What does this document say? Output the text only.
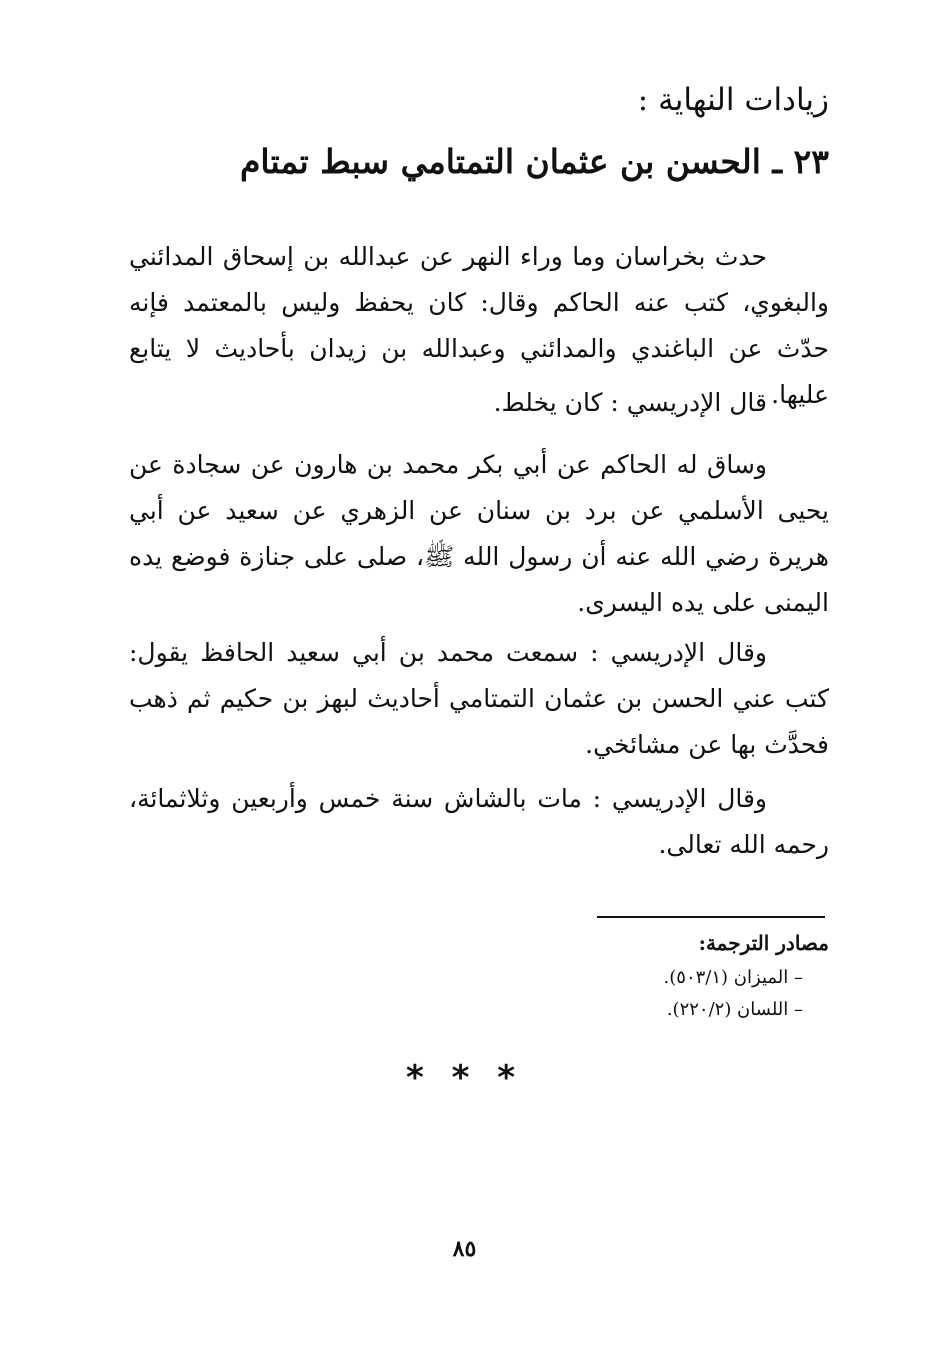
زيادات النهاية :
٢٣ ـ الحسن بن عثمان التمتامي سبط تمتام

حدث بخراسان وما وراء النهر عن عبدالله بن إسحاق المدائني والبغوي، كتب عنه الحاكم وقال: كان يحفظ وليس بالمعتمد فإنه حدّث عن الباغندي والمدائني وعبدالله بن زيدان بأحاديث لا يتابع عليها.

قال الإدريسي : كان يخلط.

وساق له الحاكم عن أبي بكر محمد بن هارون عن سجادة عن يحيى الأسلمي عن برد بن سنان عن الزهري عن سعيد عن أبي هريرة رضي الله عنه أن رسول الله ﷺ، صلى على جنازة فوضع يده اليمنى على يده اليسرى.

وقال الإدريسي : سمعت محمد بن أبي سعيد الحافظ يقول: كتب عني الحسن بن عثمان التمتامي أحاديث لبهز بن حكيم ثم ذهب فحدَّث بها عن مشائخي.

وقال الإدريسي : مات بالشاش سنة خمس وأربعين وثلاثمائة، رحمه الله تعالى.

مصادر الترجمة:
– الميزان (٥٠٣/١).
– اللسان (٢٢٠/٢).
* * *
٨٥
